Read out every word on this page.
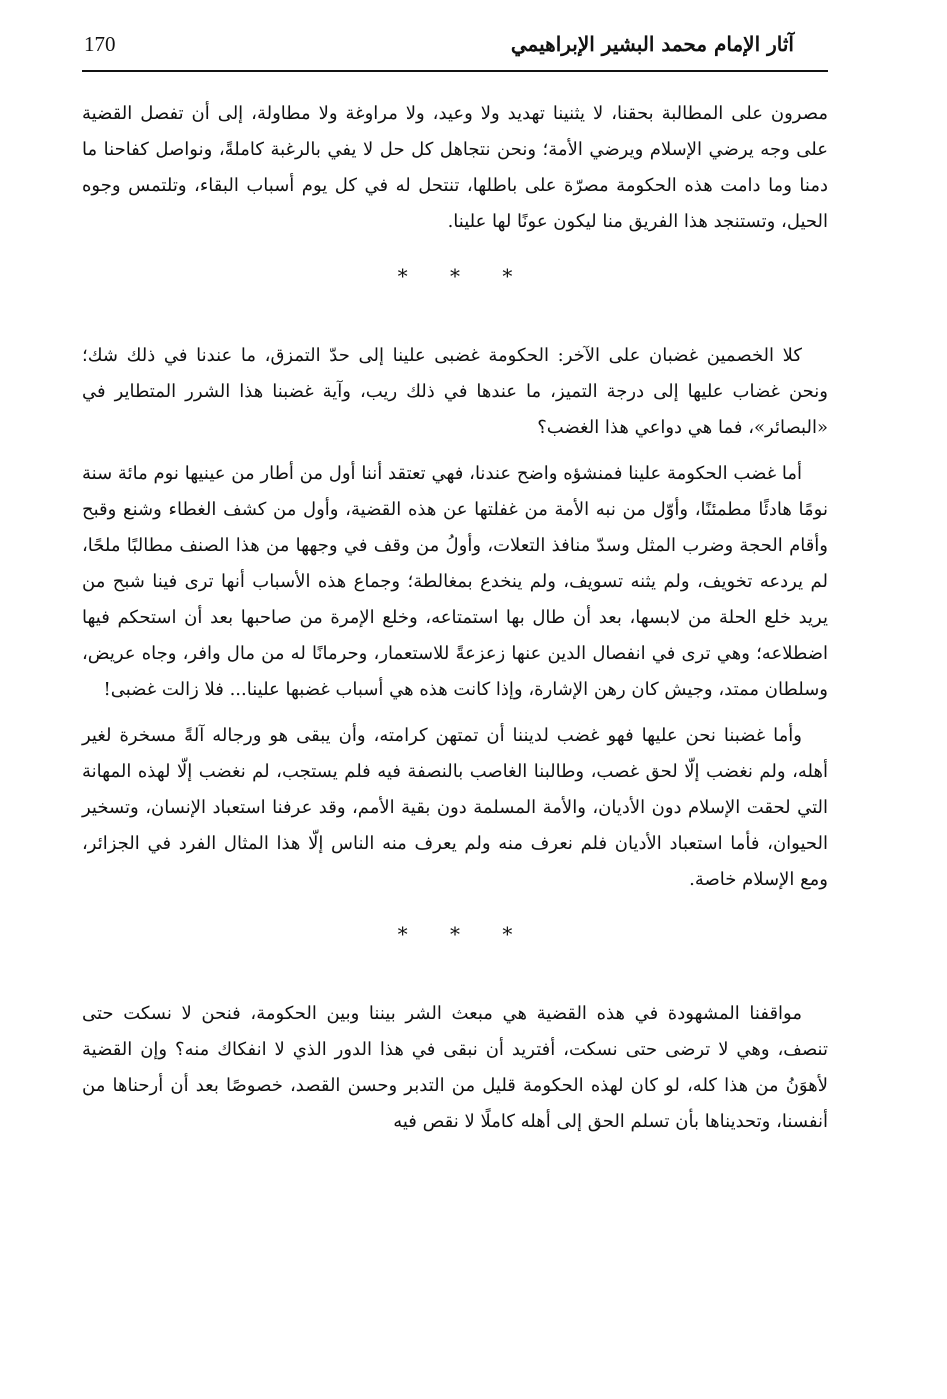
170	آثار الإمام محمد البشير الإبراهيمي
مصرون على المطالبة بحقنا، لا يثنينا تهديد ولا وعيد، ولا مراوغة ولا مطاولة، إلى أن تفصل القضية على وجه يرضي الإسلام ويرضي الأمة؛ ونحن نتجاهل كل حل لا يفي بالرغبة كاملةً، ونواصل كفاحنا ما دمنا وما دامت هذه الحكومة مصرّة على باطلها، تنتحل له في كل يوم أسباب البقاء، وتلتمس وجوه الحيل، وتستنجد هذا الفريق منا ليكون عونًا لها علينا.
* * *
كلا الخصمين غضبان على الآخر: الحكومة غضبى علينا إلى حدّ التمزق، ما عندنا في ذلك شك؛ ونحن غضاب عليها إلى درجة التميز، ما عندها في ذلك ريب، وآية غضبنا هذا الشرر المتطاير في «البصائر»، فما هي دواعي هذا الغضب؟
أما غضب الحكومة علينا فمنشؤه واضح عندنا، فهي تعتقد أننا أول من أطار من عينيها نوم مائة سنة نومًا هادئًا مطمئنًا، وأوّل من نبه الأمة من غفلتها عن هذه القضية، وأول من كشف الغطاء وشنع وقبح وأقام الحجة وضرب المثل وسدّ منافذ التعلات، وأولُ من وقف في وجهها من هذا الصنف مطالبًا ملحًا، لم يردعه تخويف، ولم يثنه تسويف، ولم ينخدع بمغالطة؛ وجماع هذه الأسباب أنها ترى فينا شبح من يريد خلع الحلة من لابسها، بعد أن طال بها استمتاعه، وخلع الإمرة من صاحبها بعد أن استحكم فيها اضطلاعه؛ وهي ترى في انفصال الدين عنها زعزعةً للاستعمار، وحرمانًا له من مال وافر، وجاه عريض، وسلطان ممتد، وجيش كان رهن الإشارة، وإذا كانت هذه هي أسباب غضبها علينا... فلا زالت غضبى!
وأما غضبنا نحن عليها فهو غضب لديننا أن تمتهن كرامته، وأن يبقى هو ورجاله آلةً مسخرة لغير أهله، ولم نغضب إلّا لحق غصب، وطالبنا الغاصب بالنصفة فيه فلم يستجب، لم نغضب إلّا لهذه المهانة التي لحقت الإسلام دون الأديان، والأمة المسلمة دون بقية الأمم، وقد عرفنا استعباد الإنسان، وتسخير الحيوان، فأما استعباد الأديان فلم نعرف منه ولم يعرف منه الناس إلّا هذا المثال الفرد في الجزائر، ومع الإسلام خاصة.
* * *
مواقفنا المشهودة في هذه القضية هي مبعث الشر بيننا وبين الحكومة، فنحن لا نسكت حتى تنصف، وهي لا ترضى حتى نسكت، أفتريد أن نبقى في هذا الدور الذي لا انفكاك منه؟ وإن القضية لأهوَنُ من هذا كله، لو كان لهذه الحكومة قليل من التدبر وحسن القصد، خصوصًا بعد أن أرحناها من أنفسنا، وتحديناها بأن تسلم الحق إلى أهله كاملًا لا نقص فيه
